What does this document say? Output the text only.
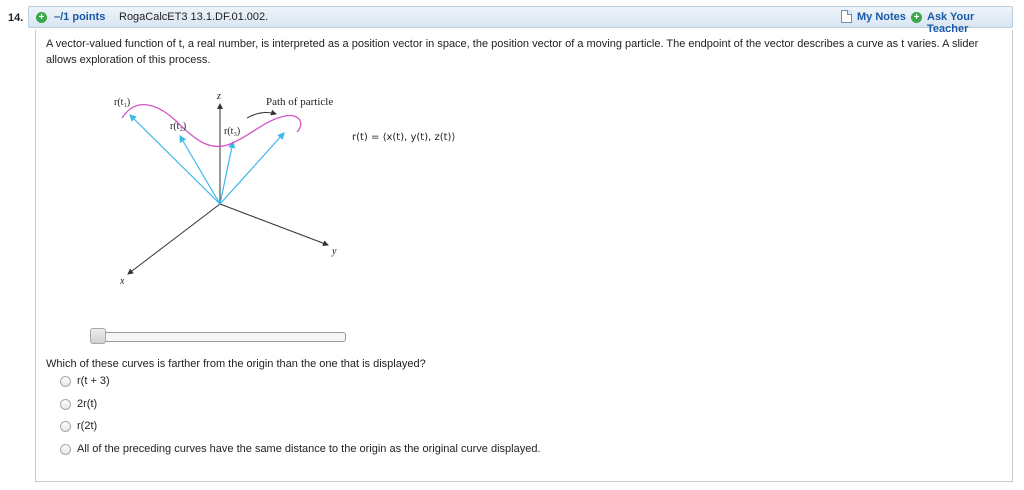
14. + –/1 points RogaCalcET3 13.1.DF.01.002.	My Notes + Ask Your Teacher
A vector-valued function of t, a real number, is interpreted as a position vector in space, the position vector of a moving particle. The endpoint of the vector describes a curve as t varies. A slider allows exploration of this process.
r(t₁)
r(t₂)	r(t₃)
z
y
x
Path of particle
r(t) = ⟨x(t), y(t), z(t)⟩
Which of these curves is farther from the origin than the one that is displayed?
r(t + 3)
2r(t)
r(2t)
All of the preceding curves have the same distance to the origin as the original curve displayed.
